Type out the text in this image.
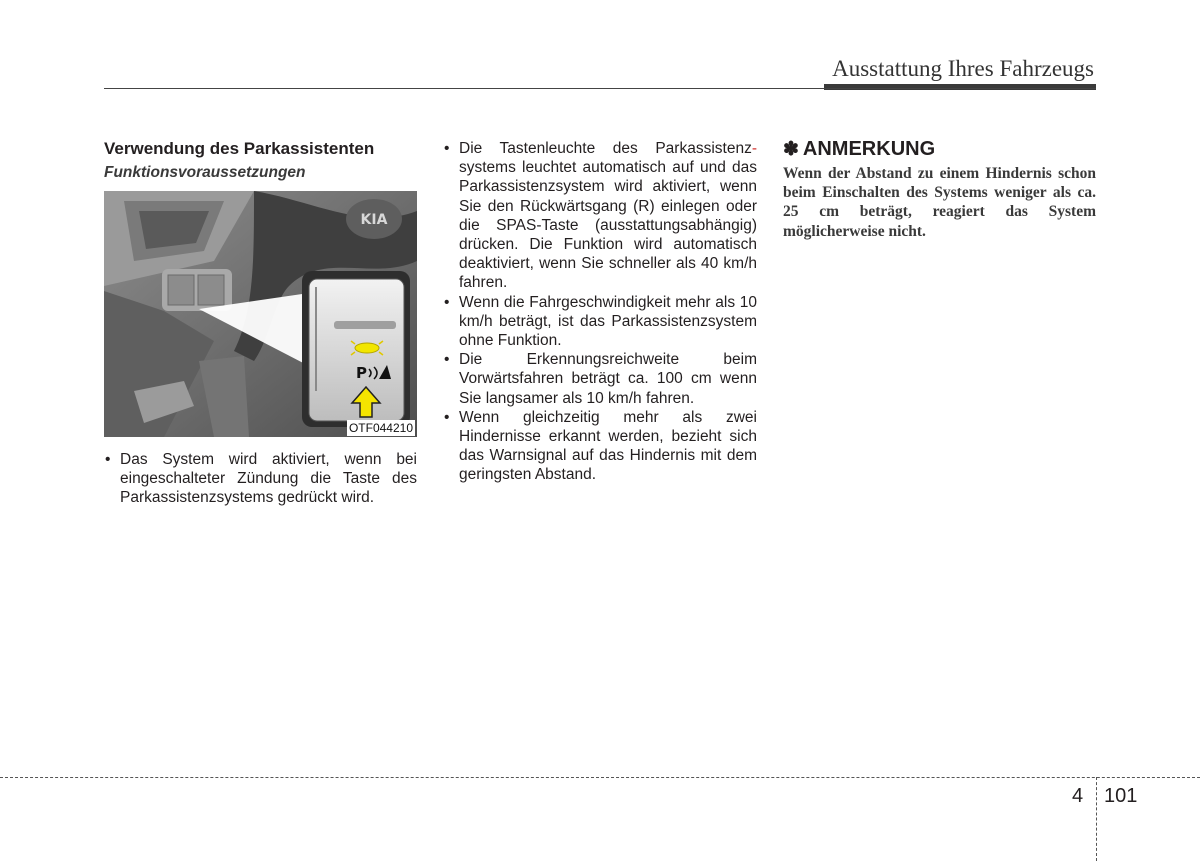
Ausstattung Ihres Fahrzeugs
Verwendung des Parkassistenten
Funktionsvoraussetzungen
KIA
P
OTF044210
• Das System wird aktiviert, wenn bei eingeschalteter Zündung die Taste des Parkassistenzsystems gedrückt wird.
• Die Tastenleuchte des Parkassistenz- systems leuchtet automatisch auf und das Parkassistenzsystem wird aktiviert, wenn Sie den Rückwärtsgang (R) einlegen oder die SPAS-Taste (ausstattungsabhängig) drücken. Die Funktion wird automatisch deaktiviert, wenn Sie schneller als 40 km/h fahren.
• Wenn die Fahrgeschwindigkeit mehr als 10 km/h beträgt, ist das Parkassistenzsystem ohne Funktion.
• Die Erkennungsreichweite beim Vorwärtsfahren beträgt ca. 100 cm wenn Sie langsamer als 10 km/h fahren.
• Wenn gleichzeitig mehr als zwei Hindernisse erkannt werden, bezieht sich das Warnsignal auf das Hindernis mit dem geringsten Abstand.
✽ ANMERKUNG
Wenn der Abstand zu einem Hindernis schon beim Einschalten des Systems weniger als ca. 25 cm beträgt, reagiert das System möglicherweise nicht.
4 101
